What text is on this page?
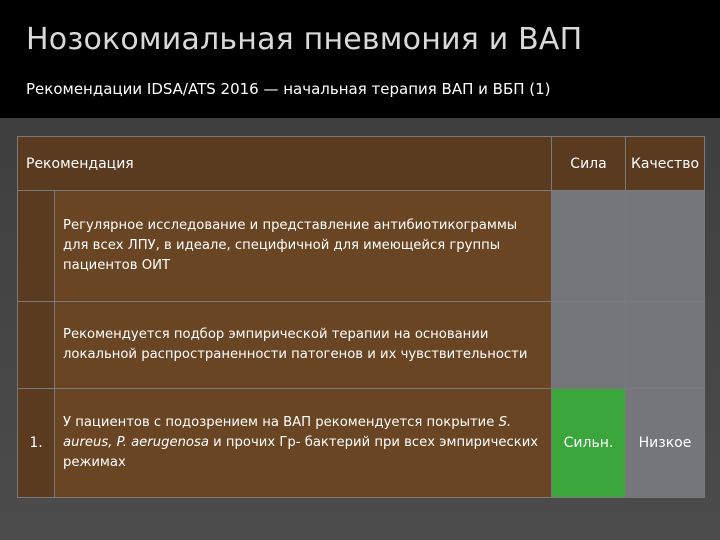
Нозокомиальная пневмония и ВАП
Рекомендации IDSA/ATS 2016 — начальная терапия ВАП и ВБП (1)
Рекомендация		Сила	Качество
	Регулярное исследование и представление антибиотикограммы для всех ЛПУ, в идеале, специфичной для имеющейся группы пациентов ОИТ		
	Рекомендуется подбор эмпирической терапии на основании локальной распространенности патогенов и их чувствительности		
1.	У пациентов с подозрением на ВАП рекомендуется покрытие S. aureus, P. aerugenosa и прочих Гр- бактерий при всех эмпирических режимах	Сильн.	Низкое
